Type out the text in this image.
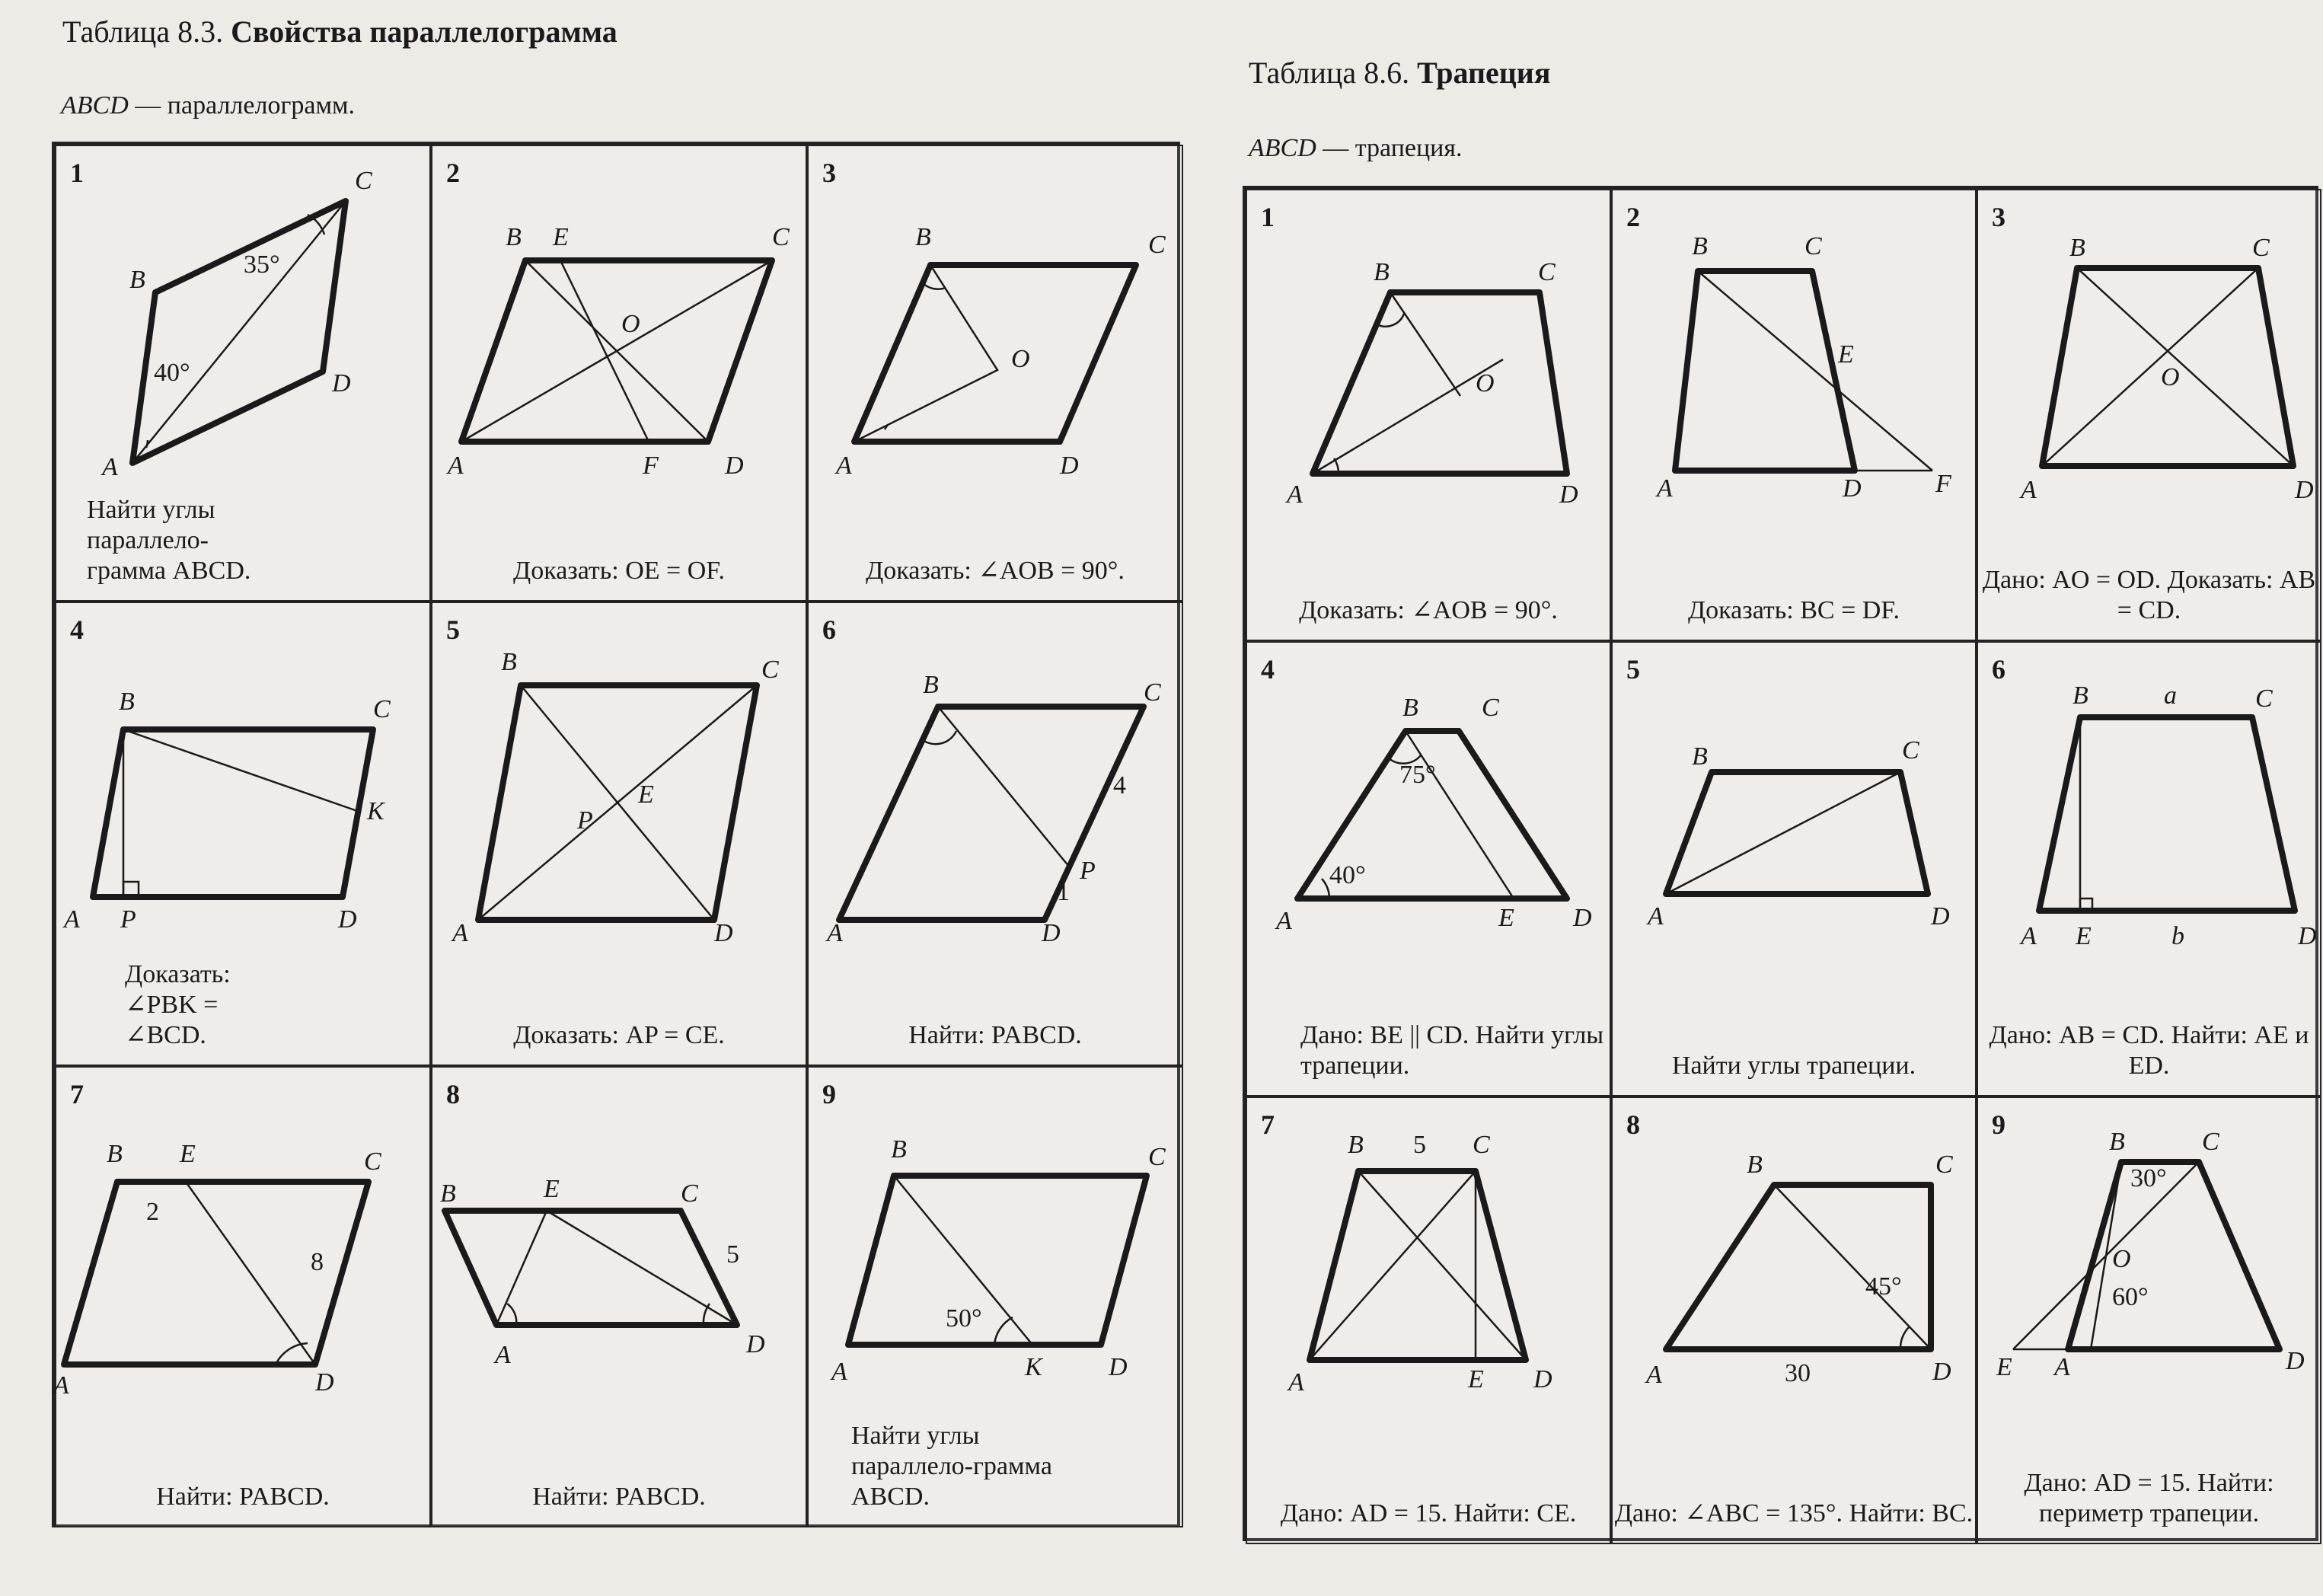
Таблица 8.3. Свойства параллелограмма
ABCD — параллелограмм.
Таблица 8.6. Трапеция
ABCD — трапеция.
1
A
B
C
D
35°
40°
Найти углы параллело-грамма ABCD.
2
A
B	C
D
E
F
O
Доказать: OE = OF.
3
A
B	C
D
O
Доказать: ∠AOB = 90°.
4
A
B	C
D
P
K
Доказать: ∠PBK = ∠BCD.
5
A
B	C
D
P
E
Доказать: AP = CE.
6
A
B	C
D
P
4
1
Найти: PABCD.
7
A
B	C
D
E
2
8
Найти: PABCD.
8
A
B	C
D
E
5
Найти: PABCD.
9
A
B	C
D
K
50°
Найти углы параллело-грамма ABCD.
1
A
B	C
D
O
Доказать: ∠AOB = 90°.
2
A
B	C
D
E
F
Доказать: BC = DF.
3
A
B	C
D
O
Дано: AO = OD. Доказать: AB = CD.
4
A
B C
D
E
75°
40°
Дано: BE || CD. Найти углы трапеции.
5
A
B	C
D
Найти углы трапеции.
6
A
B	C
D
E
a
b
Дано: AB = CD. Найти: AE и ED.
7
A
B	C
D
E
5
Дано: AD = 15. Найти: CE.
8
A
B	C
D
45°
30
Дано: ∠ABC = 135°. Найти: BC.
9
E A
B	C
D
O
30°
60°
Дано: AD = 15. Найти: периметр трапеции.
